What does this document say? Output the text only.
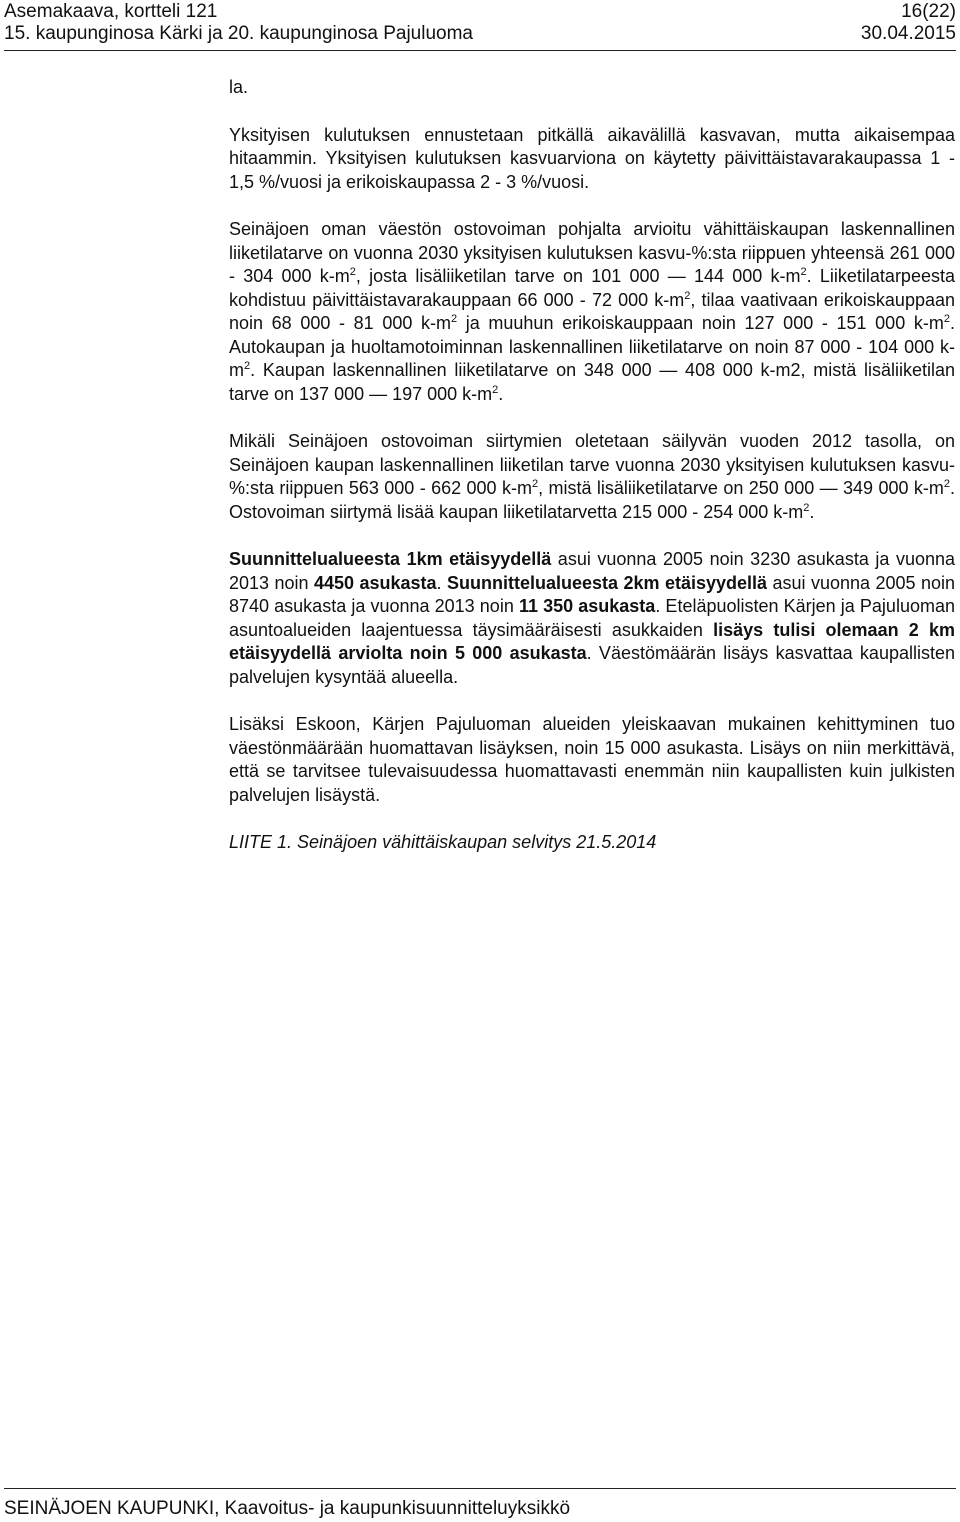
Asemakaava, kortteli 121	16(22)
15. kaupunginosa Kärki ja 20. kaupunginosa Pajuluoma	30.04.2015

la.

Yksityisen kulutuksen ennustetaan pitkällä aikavälillä kasvavan, mutta aikaisempaa hitaammin. Yksityisen kulutuksen kasvuarviona on käytetty päivittäistavarakaupassa 1 - 1,5 %/vuosi ja erikoiskaupassa 2 - 3 %/vuosi.

Seinäjoen oman väestön ostovoiman pohjalta arvioitu vähittäiskaupan laskennallinen liiketilatarve on vuonna 2030 yksityisen kulutuksen kasvu-%:sta riippuen yhteensä 261 000 - 304 000 $k-m^2$, josta lisäliiketilan tarve on 101 000 — 144 000 $k-m^2$. Liiketilatarpeesta kohdistuu päivittäistavarakauppaan 66 000 - 72 000 $k-m^2$, tilaa vaativaan erikoiskauppaan noin 68 000 - 81 000 $k-m^2$ ja muuhun erikoiskauppaan noin 127 000 - 151 000 $k-m^2$. Autokaupan ja huoltamotoiminnan laskennallinen liiketilatarve on noin 87 000 - 104 000 $k-m^2$. Kaupan laskennallinen liiketilatarve on 348 000 — 408 000 k-m2, mistä lisäliiketilan tarve on 137 000 — 197 000 $k-m^2$.

Mikäli Seinäjoen ostovoiman siirtymien oletetaan säilyvän vuoden 2012 tasolla, on Seinäjoen kaupan laskennallinen liiketilan tarve vuonna 2030 yksityisen kulutuksen kasvu-%:sta riippuen 563 000 - 662 000 $k-m^2$, mistä lisäliiketilatarve on 250 000 — 349 000 $k-m^2$. Ostovoiman siirtymä lisää kaupan liiketilatarvetta 215 000 - 254 000 $k-m^2$.

Suunnittelualueesta 1km etäisyydellä asui vuonna 2005 noin 3230 asukasta ja vuonna 2013 noin 4450 asukasta. Suunnittelualueesta 2km etäisyydellä asui vuonna 2005 noin 8740 asukasta ja vuonna 2013 noin 11 350 asukasta. Eteläpuolisten Kärjen ja Pajuluoman asuntoalueiden laajentuessa täysimääräisesti asukkaiden lisäys tulisi olemaan 2 km etäisyydellä arviolta noin 5 000 asukasta. Väestömäärän lisäys kasvattaa kaupallisten palvelujen kysyntää alueella.

Lisäksi Eskoon, Kärjen Pajuluoman alueiden yleiskaavan mukainen kehittyminen tuo väestönmäärään huomattavan lisäyksen, noin 15 000 asukasta. Lisäys on niin merkittävä, että se tarvitsee tulevaisuudessa huomattavasti enemmän niin kaupallisten kuin julkisten palvelujen lisäystä.

LIITE 1. Seinäjoen vähittäiskaupan selvitys 21.5.2014

SEINÄJOEN KAUPUNKI, Kaavoitus- ja kaupunkisuunnitteluyksikkö
